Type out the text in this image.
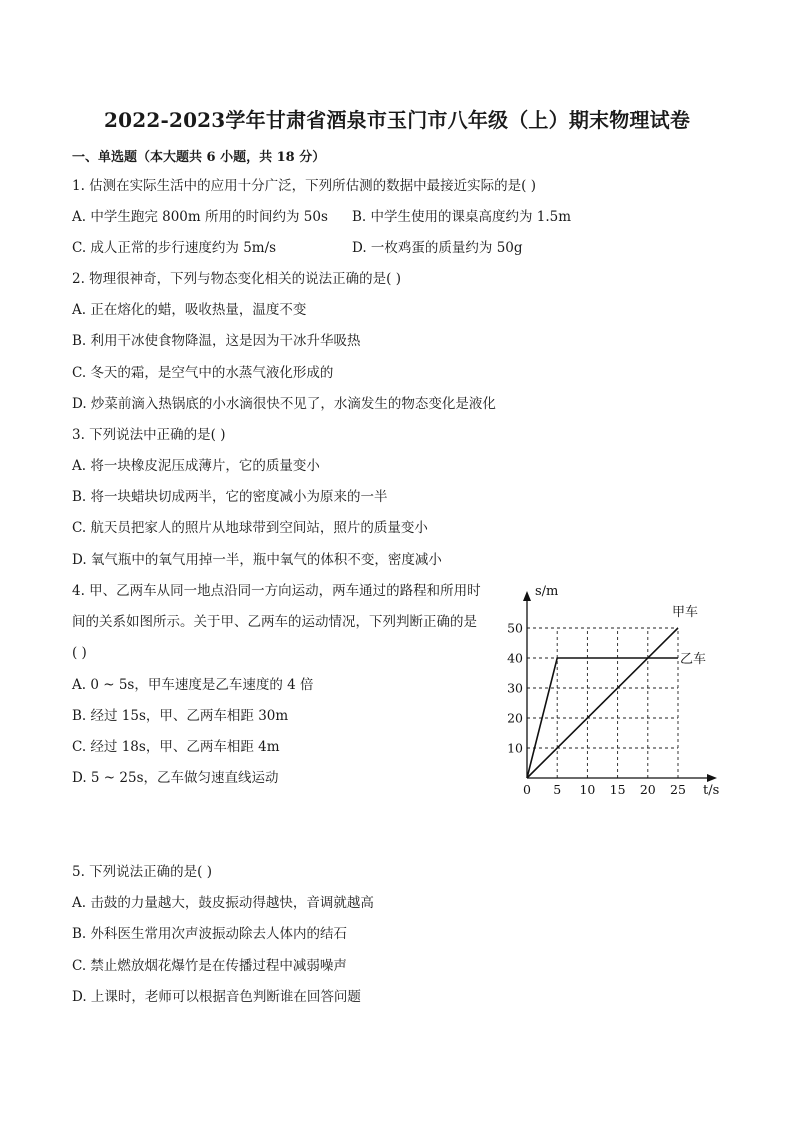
2022-2023学年甘肃省酒泉市玉门市八年级（上）期末物理试卷
一、单选题（本大题共 6 小题，共 18 分）
1. 估测在实际生活中的应用十分广泛，下列所估测的数据中最接近实际的是( )
A. 中学生跑完 800m 所用的时间约为 50s B. 中学生使用的课桌高度约为 1.5m
C. 成人正常的步行速度约为 5m/s	D. 一枚鸡蛋的质量约为 50g
2. 物理很神奇，下列与物态变化相关的说法正确的是( )
A. 正在熔化的蜡，吸收热量，温度不变
B. 利用干冰使食物降温，这是因为干冰升华吸热
C. 冬天的霜，是空气中的水蒸气液化形成的
D. 炒菜前滴入热锅底的小水滴很快不见了，水滴发生的物态变化是液化
3. 下列说法中正确的是( )
A. 将一块橡皮泥压成薄片，它的质量变小
B. 将一块蜡块切成两半，它的密度减小为原来的一半
C. 航天员把家人的照片从地球带到空间站，照片的质量变小
D. 氧气瓶中的氧气用掉一半，瓶中氧气的体积不变，密度减小
4. 甲、乙两车从同一地点沿同一方向运动，两车通过的路程和所用时
间的关系如图所示。关于甲、乙两车的运动情况，下列判断正确的是
( )
A. 0 ~ 5s，甲车速度是乙车速度的 4 倍
B. 经过 15s，甲、乙两车相距 30m
C. 经过 18s，甲、乙两车相距 4m
D. 5 ~ 25s，乙车做匀速直线运动
s/m
t/s
0 5 10 15 20 25
10
20
30
40
50
甲车
乙车
5. 下列说法正确的是( )
A. 击鼓的力量越大，鼓皮振动得越快，音调就越高
B. 外科医生常用次声波振动除去人体内的结石
C. 禁止燃放烟花爆竹是在传播过程中减弱噪声
D. 上课时，老师可以根据音色判断谁在回答问题
